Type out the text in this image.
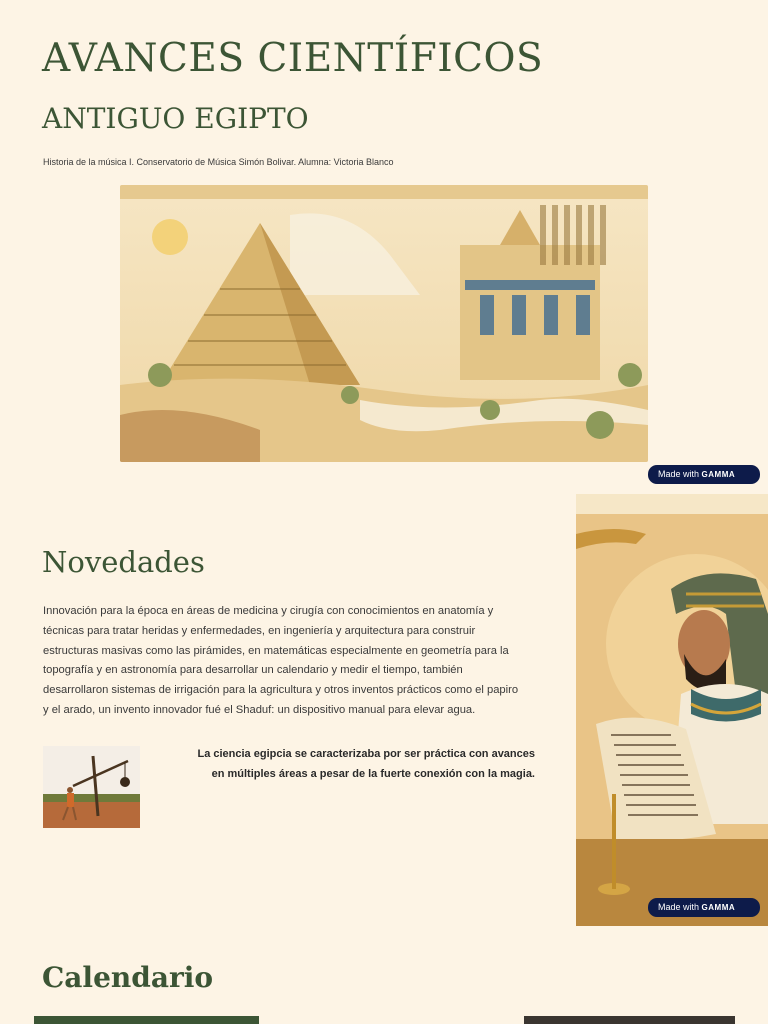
AVANCES CIENTÍFICOS
ANTIGUO EGIPTO
Historia de la música I. Conservatorio de Música Simón Bolivar. Alumna: Victoria Blanco
Made with GAMMA
Novedades

Innovación para la época en áreas de medicina y cirugía con conocimientos en anatomía y técnicas para tratar heridas y enfermedades, en ingeniería y arquitectura para construir estructuras masivas como las pirámides, en matemáticas especialmente en geometría para la topografía y en astronomía para desarrollar un calendario y medir el tiempo, también desarrollaron sistemas de irrigación para la agricultura y otros inventos prácticos como el papiro y el arado, un invento innovador fué el Shaduf: un dispositivo manual para elevar agua.

La ciencia egipcia se caracterizaba por ser práctica con avances en múltiples áreas a pesar de la fuerte conexión con la magia.

Made with GAMMA
Calendario
